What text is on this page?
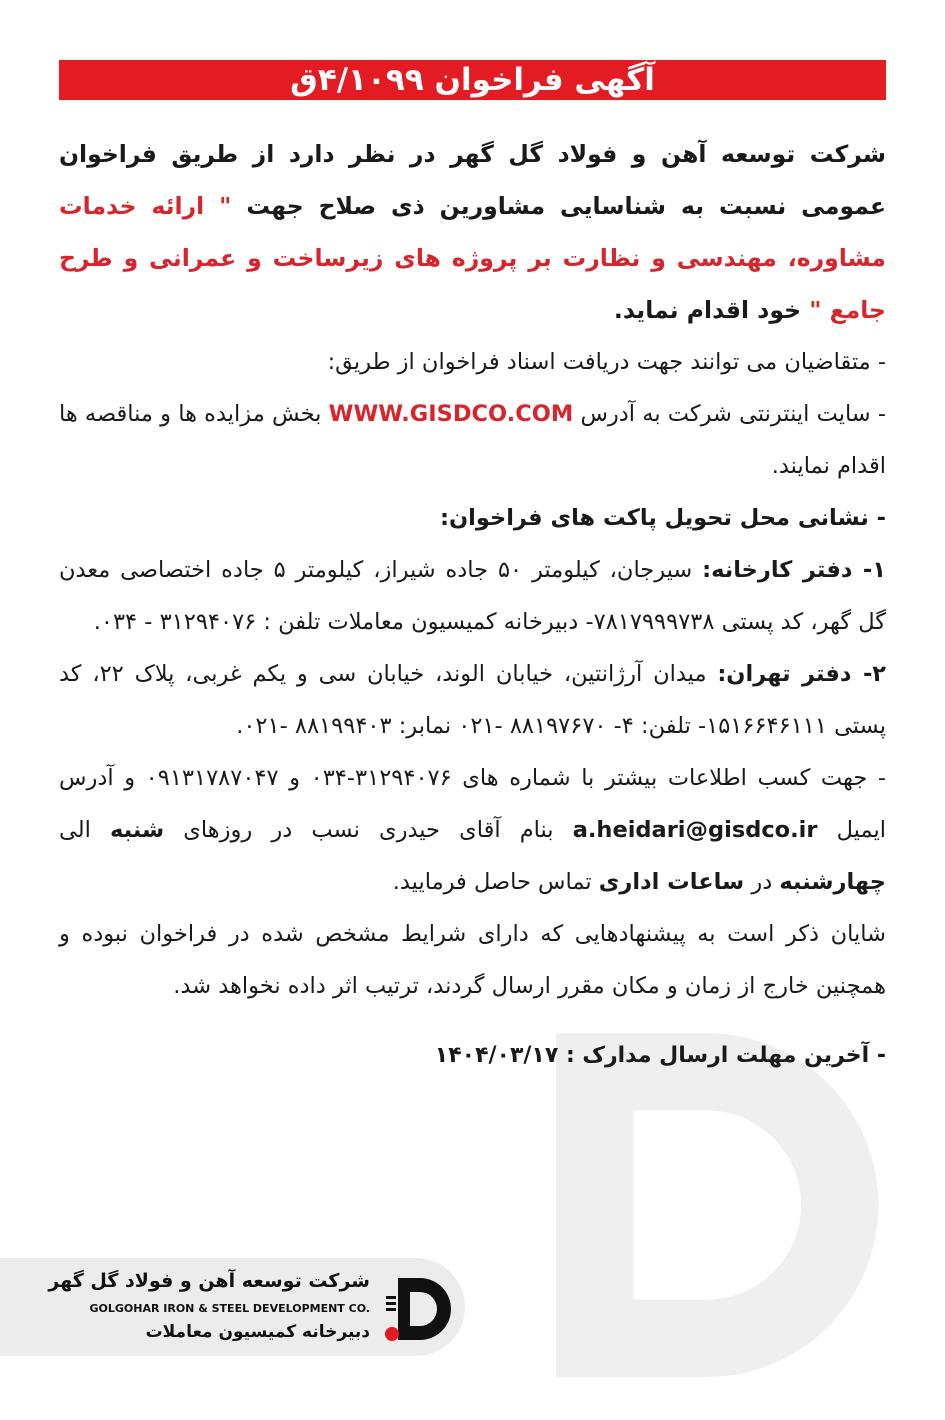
آگهی فراخوان ۴/۱۰۹۹ق

شرکت توسعه آهن و فولاد گل گهر در نظر دارد از طریق فراخوان عمومی نسبت به شناسایی مشاورین ذی صلاح جهت " ارائه خدمات مشاوره، مهندسی و نظارت بر پروژه های زیرساخت و عمرانی و طرح جامع " خود اقدام نماید.

- متقاضیان می توانند جهت دریافت اسناد فراخوان از طریق:

- سایت اینترنتی شرکت به آدرس WWW.GISDCO.COM بخش مزایده ها و مناقصه ها اقدام نمایند.

- نشانی محل تحویل پاکت های فراخوان:

۱- دفتر کارخانه: سیرجان، کیلومتر ۵۰ جاده شیراز، کیلومتر ۵ جاده اختصاصی معدن گل گهر، کد پستی ۷۸۱۷۹۹۹۷۳۸- دبیرخانه کمیسیون معاملات تلفن : ۳۱۲۹۴۰۷۶ - ۰۳۴.

۲- دفتر تهران: میدان آرژانتین، خیابان الوند، خیابان سی و یکم غربی، پلاک ۲۲، کد پستی ۱۵۱۶۶۴۶۱۱۱- تلفن: ۴- ۸۸۱۹۷۶۷۰ -۰۲۱ نمابر: ۸۸۱۹۹۴۰۳ -۰۲۱.

- جهت کسب اطلاعات بیشتر با شماره های ۳۱۲۹۴۰۷۶-۰۳۴ و ۰۹۱۳۱۷۸۷۰۴۷ و آدرس ایمیل a.heidari@gisdco.ir بنام آقای حیدری نسب در روزهای شنبه الی چهارشنبه در ساعات اداری تماس حاصل فرمایید.

شایان ذکر است به پیشنهادهایی که دارای شرایط مشخص شده در فراخوان نبوده و همچنین خارج از زمان و مکان مقرر ارسال گردند، ترتیب اثر داده نخواهد شد.

- آخرین مهلت ارسال مدارک : ۱۴۰۴/۰۳/۱۷

شرکت توسعه آهن و فولاد گل گهر
GOLGOHAR IRON & STEEL DEVELOPMENT CO.
دبیرخانه کمیسیون معاملات
